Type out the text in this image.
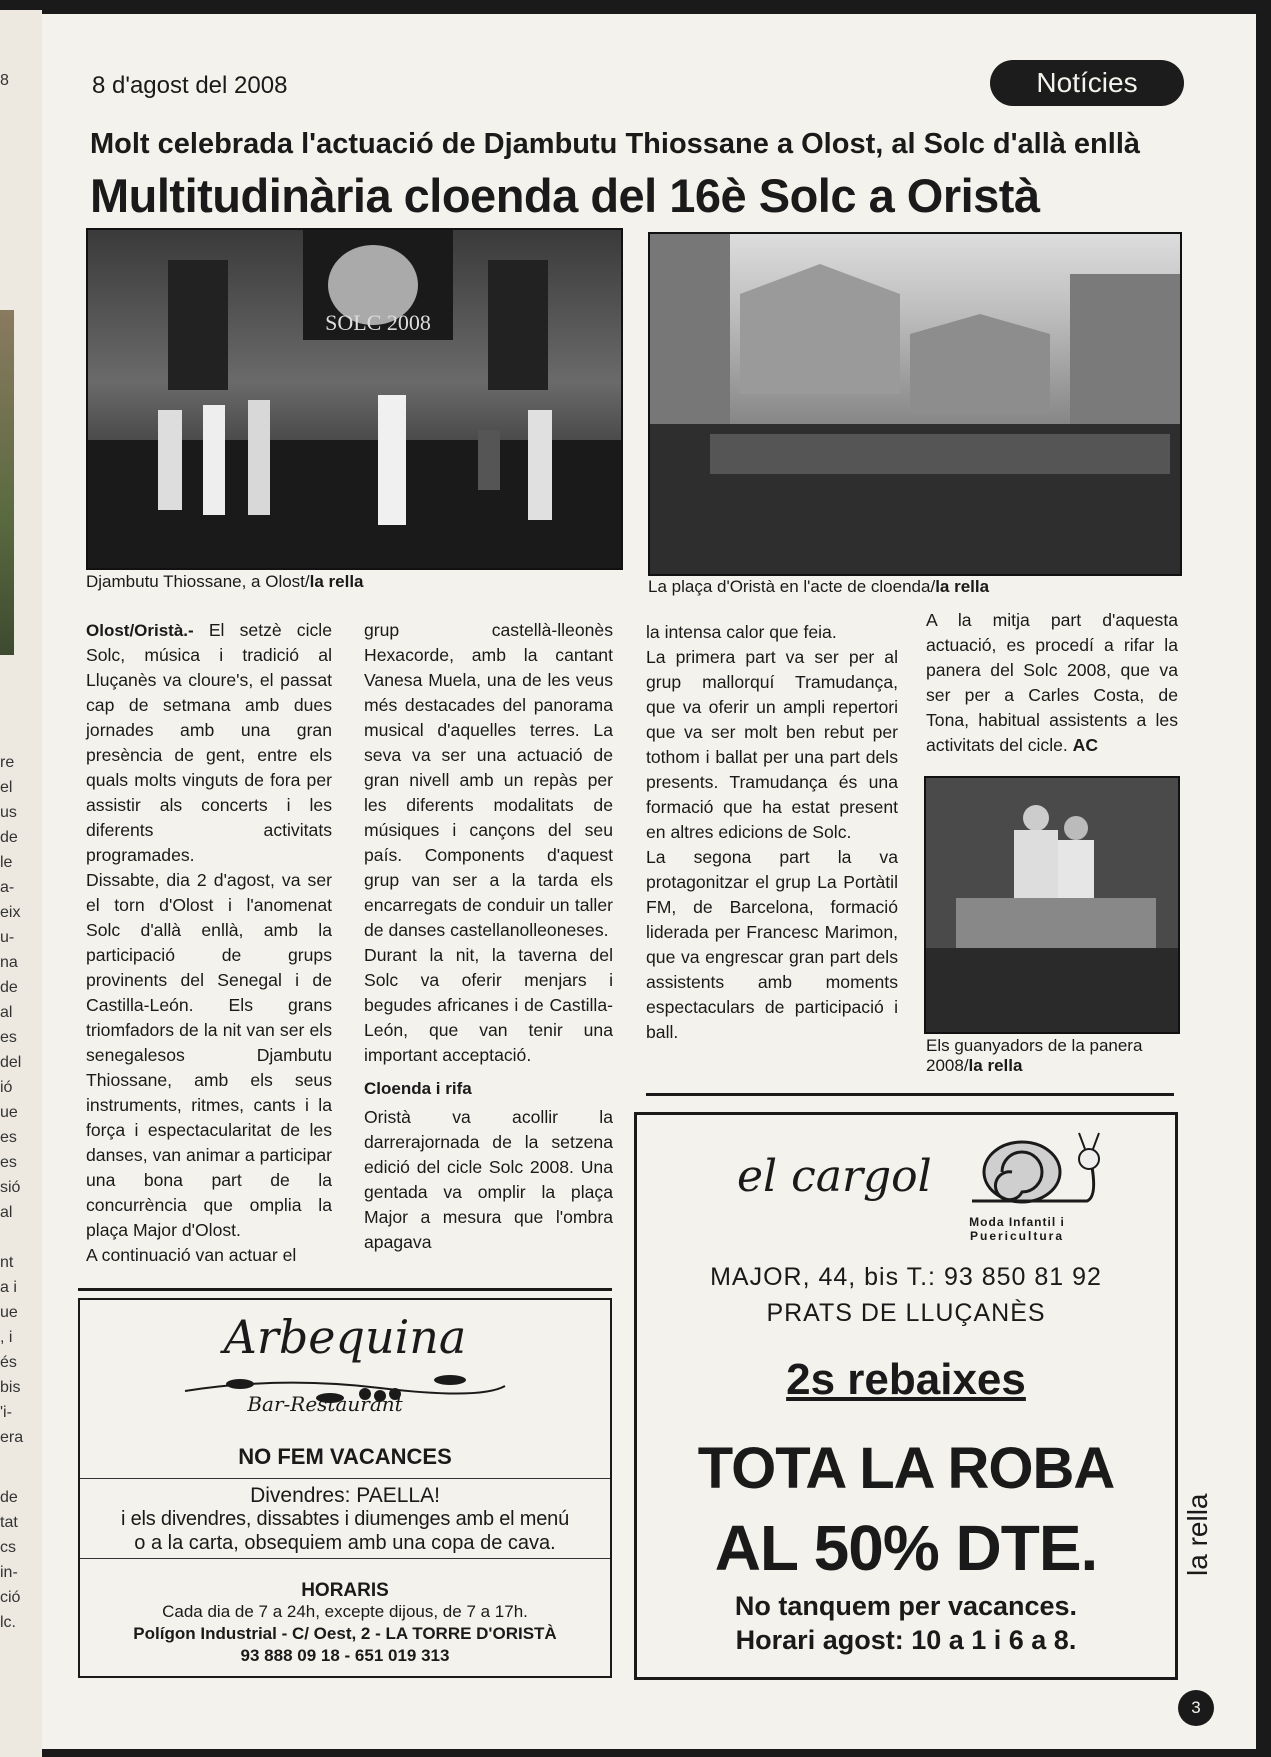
8
re
el
us
de
le
a-
eix
u-
na
de
al
es
del
ió
ue
es
es
sió
al
nt
a i
ue
, i
és
bis
'i-
era
de
tat
cs
in-
ció
lc.
8 d'agost del 2008	Notícies
Molt celebrada l'actuació de Djambutu Thiossane a Olost, al Solc d'allà enllà
Multitudinària cloenda del 16è Solc a Oristà
SOLC 2008
Djambutu Thiossane, a Olost/la rella	La plaça d'Oristà en l'acte de cloenda/la rella

Olost/Oristà.- El setzè cicle Solc, música i tradició al Lluçanès va cloure's, el passat cap de setmana amb dues jornades amb una gran presència de gent, entre els quals molts vinguts de fora per assistir als concerts i les diferents activitats programades.

Dissabte, dia 2 d'agost, va ser el torn d'Olost i l'anomenat Solc d'allà enllà, amb la participació de grups provinents del Senegal i de Castilla-León. Els grans triomfadors de la nit van ser els senegalesos Djambutu Thiossane, amb els seus instruments, ritmes, cants i la força i espectacularitat de les danses, van animar a participar una bona part de la concurrència que omplia la plaça Major d'Olost.

A continuació van actuar el

grup castellà-lleonès Hexacorde, amb la cantant Vanesa Muela, una de les veus més destacades del panorama musical d'aquelles terres. La seva va ser una actuació de gran nivell amb un repàs per les diferents modalitats de músiques i cançons del seu país. Components d'aquest grup van ser a la tarda els encarregats de conduir un taller de danses castellanolleoneses.

Durant la nit, la taverna del Solc va oferir menjars i begudes africanes i de Castilla-León, que van tenir una important acceptació.

Cloenda i rifa

Oristà va acollir la darrerajornada de la setzena edició del cicle Solc 2008. Una gentada va omplir la plaça Major a mesura que l'ombra apagava

la intensa calor que feia.

La primera part va ser per al grup mallorquí Tramudança, que va oferir un ampli repertori que va ser molt ben rebut per tothom i ballat per una part dels presents. Tramudança és una formació que ha estat present en altres edicions de Solc.

La segona part la va protagonitzar el grup La Portàtil FM, de Barcelona, formació liderada per Francesc Marimon, que va engrescar gran part dels assistents amb moments espectaculars de participació i ball.

A la mitja part d'aquesta actuació, es procedí a rifar la panera del Solc 2008, que va ser per a Carles Costa, de Tona, habitual assistents a les activitats del cicle. AC

Els guanyadors de la panera 2008/la rella
Arbequina
Bar-Restaurant
NO FEM VACANCES
Divendres: PAELLA!
i els divendres, dissabtes i diumenges amb el menú
o a la carta, obsequiem amb una copa de cava.
HORARIS
Cada dia de 7 a 24h, excepte dijous, de 7 a 17h.
Polígon Industrial - C/ Oest, 2 - LA TORRE D'ORISTÀ
93 888 09 18 - 651 019 313
el cargol
Moda Infantil i
Puericultura
MAJOR, 44, bis T.: 93 850 81 92
PRATS DE LLUÇANÈS
2s rebaixes
TOTA LA ROBA
AL 50% DTE.
No tanquem per vacances.
Horari agost: 10 a 1 i 6 a 8.
la rella
3
